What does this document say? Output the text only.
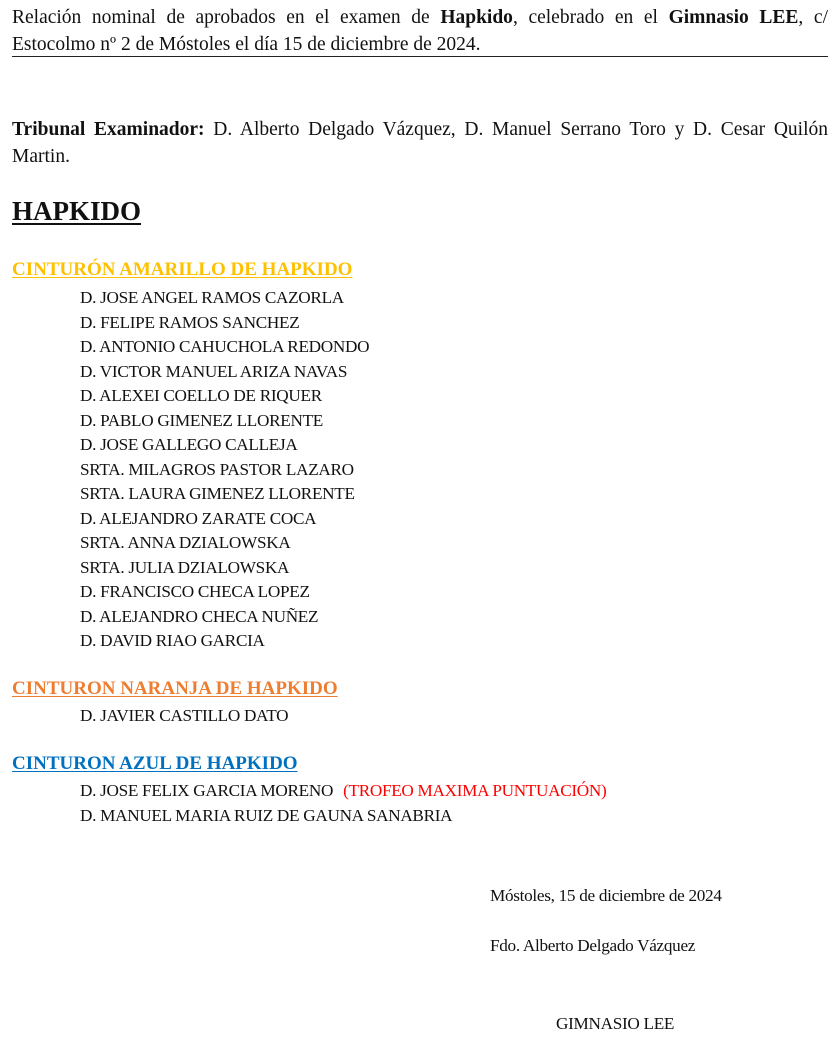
Relación nominal de aprobados en el examen de Hapkido, celebrado en el Gimnasio LEE, c/ Estocolmo nº 2 de Móstoles el día 15 de diciembre de 2024.
Tribunal Examinador: D. Alberto Delgado Vázquez, D. Manuel Serrano Toro y D. Cesar Quilón Martin.
HAPKIDO
CINTURÓN AMARILLO DE HAPKIDO
D. JOSE ANGEL RAMOS CAZORLA
D. FELIPE RAMOS SANCHEZ
D. ANTONIO CAHUCHOLA REDONDO
D. VICTOR MANUEL ARIZA NAVAS
D. ALEXEI COELLO DE RIQUER
D. PABLO GIMENEZ LLORENTE
D. JOSE GALLEGO CALLEJA
SRTA. MILAGROS PASTOR LAZARO
SRTA. LAURA GIMENEZ LLORENTE
D. ALEJANDRO ZARATE COCA
SRTA. ANNA DZIALOWSKA
SRTA. JULIA DZIALOWSKA
D. FRANCISCO CHECA LOPEZ
D. ALEJANDRO CHECA NUÑEZ
D. DAVID RIAO GARCIA
CINTURON NARANJA DE HAPKIDO
D. JAVIER CASTILLO DATO
CINTURON AZUL DE HAPKIDO
D. JOSE FELIX GARCIA MORENO (TROFEO MAXIMA PUNTUACIÓN)
D. MANUEL MARIA RUIZ DE GAUNA SANABRIA
Móstoles, 15 de diciembre de 2024
Fdo. Alberto Delgado Vázquez
GIMNASIO LEE
